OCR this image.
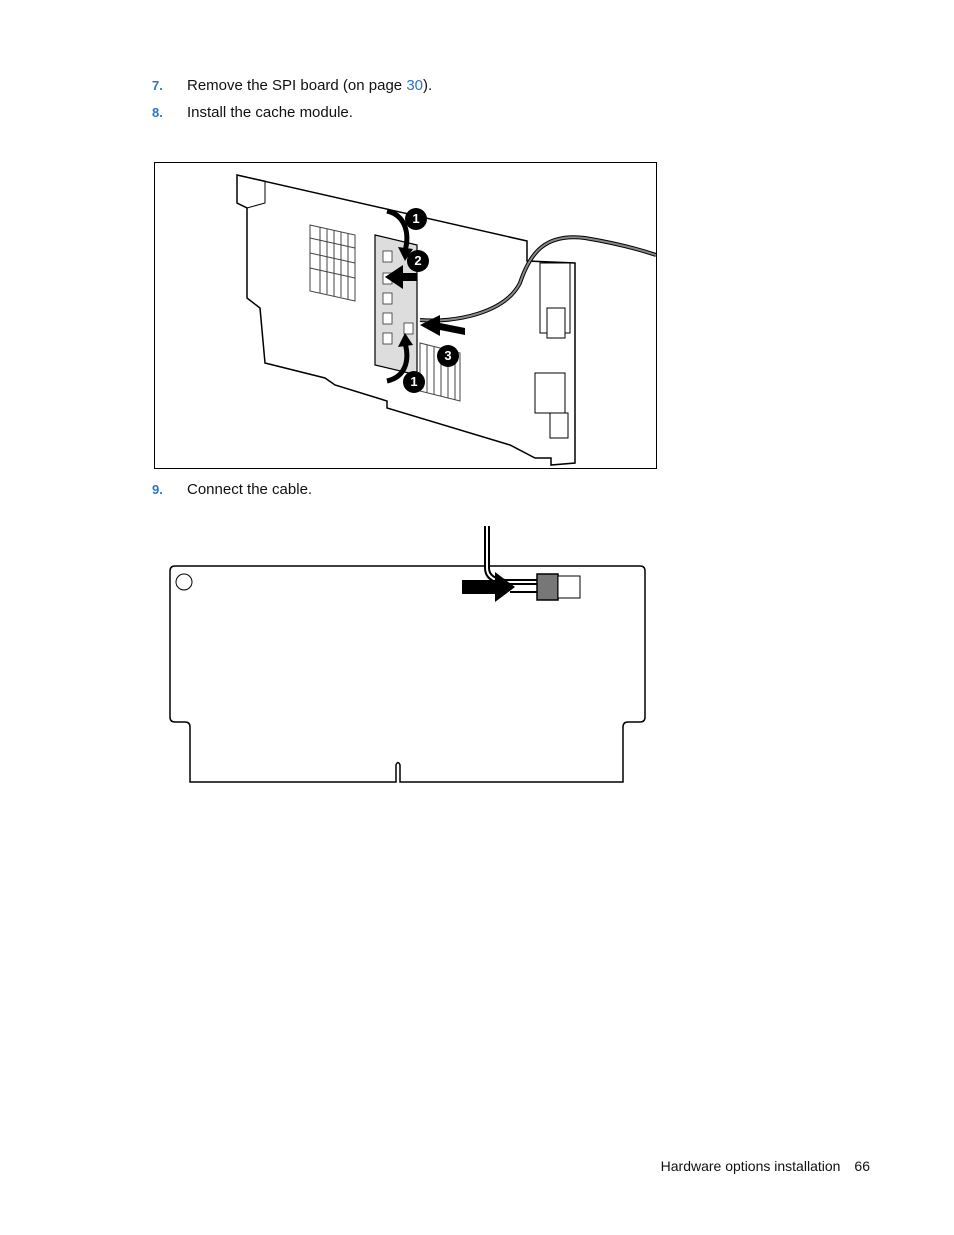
7. Remove the SPI board (on page 30).
8. Install the cache module.
1
2
3
1
9. Connect the cable.
Hardware options installation 66
